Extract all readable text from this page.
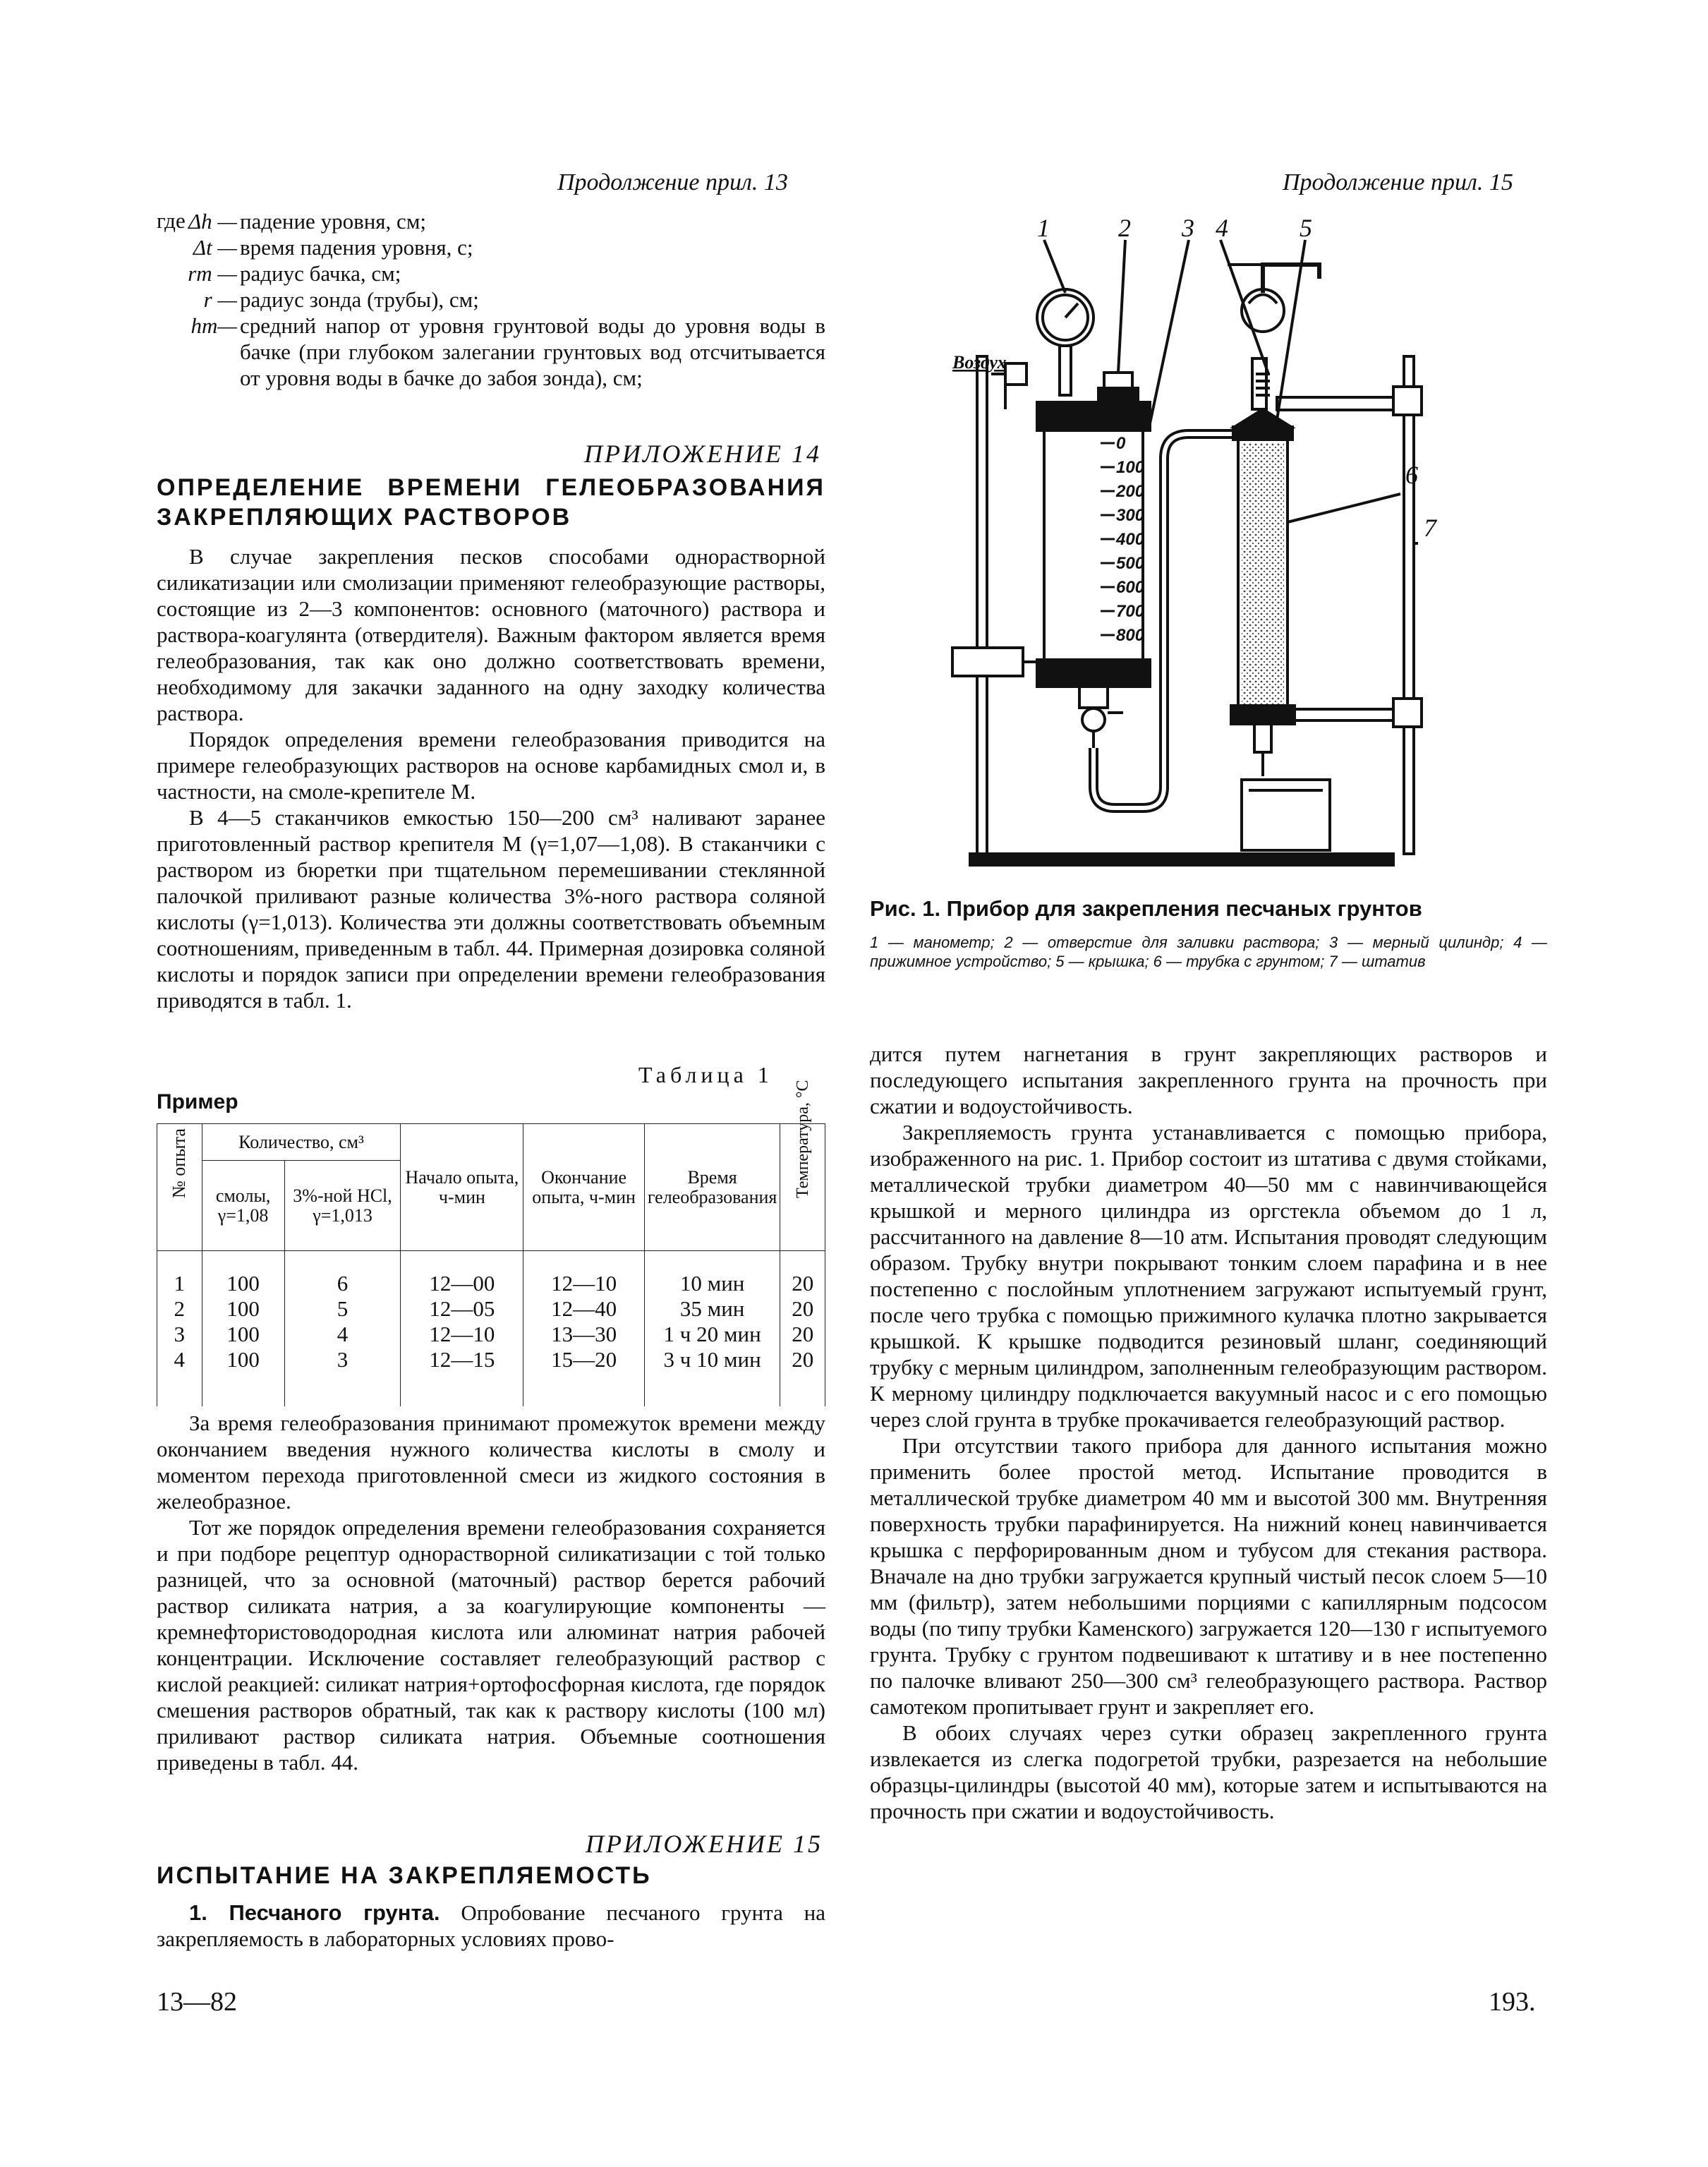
Продолжение прил. 13
где Δh — падение уровня, см;
Δt — время падения уровня, с;
rm — радиус бачка, см;
r — радиус зонда (трубы), см;
hm— средний напор от уровня грунтовой воды до уровня воды в бачке (при глубоком залегании грунтовых вод отсчитывается от уровня воды в бачке до забоя зонда), см;
ПРИЛОЖЕНИЕ 14
ОПРЕДЕЛЕНИЕ ВРЕМЕНИ ГЕЛЕОБРАЗОВАНИЯ ЗАКРЕПЛЯЮЩИХ РАСТВОРОВ

В случае закрепления песков способами однорастворной силикатизации или смолизации применяют гелеобразующие растворы, состоящие из 2—3 компонентов: основного (маточного) раствора и раствора-коагулянта (отвердителя). Важным фактором является время гелеобразования, так как оно должно соответствовать времени, необходимому для закачки заданного на одну заходку количества раствора.

Порядок определения времени гелеобразования приводится на примере гелеобразующих растворов на основе карбамидных смол и, в частности, на смоле-крепителе М.

В 4—5 стаканчиков емкостью 150—200 см³ наливают заранее приготовленный раствор крепителя М (γ=1,07—1,08). В стаканчики с раствором из бюретки при тщательном перемешивании стеклянной палочкой приливают разные количества 3%-ного раствора соляной кислоты (γ=1,013). Количества эти должны соответствовать объемным соотношениям, приведенным в табл. 44. Примерная дозировка соляной кислоты и порядок записи при определении времени гелеобразования приводятся в табл. 1.

Таблица 1
Пример
№ опыта	Количество, см³		Начало опыта, ч-мин	Окончание опыта, ч-мин	Время гелеобразования	Температура, °С

	смолы, γ=1,08	3%-ной HCl, γ=1,013				

1	100	6	12—00	12—10	10 мин	20
2	100	5	12—05	12—40	35 мин	20
3	100	4	12—10	13—30	1 ч 20 мин	20
4	100	3	12—15	15—20	3 ч 10 мин	20

За время гелеобразования принимают промежуток времени между окончанием введения нужного количества кислоты в смолу и моментом перехода приготовленной смеси из жидкого состояния в желеобразное.

Тот же порядок определения времени гелеобразования сохраняется и при подборе рецептур однорастворной силикатизации с той только разницей, что за основной (маточный) раствор берется рабочий раствор силиката натрия, а за коагулирующие компоненты — кремнефтористоводородная кислота или алюминат натрия рабочей концентрации. Исключение составляет гелеобразующий раствор с кислой реакцией: силикат натрия+ортофосфорная кислота, где порядок смешения растворов обратный, так как к раствору кислоты (100 мл) приливают раствор силиката натрия. Объемные соотношения приведены в табл. 44.

ПРИЛОЖЕНИЕ 15
ИСПЫТАНИЕ НА ЗАКРЕПЛЯЕМОСТЬ

1. Песчаного грунта. Опробование песчаного грунта на закрепляемость в лабораторных условиях прово-

13—82
Продолжение прил. 15
0
100
200
300
400
500
600
700
800
1	2 3 4	5
6
7
Воздух
Рис. 1. Прибор для закрепления песчаных грунтов
1 — манометр; 2 — отверстие для заливки раствора; 3 — мерный цилиндр; 4 — прижимное устройство; 5 — крышка; 6 — трубка с грунтом; 7 — штатив

дится путем нагнетания в грунт закрепляющих растворов и последующего испытания закрепленного грунта на прочность при сжатии и водоустойчивость.

Закрепляемость грунта устанавливается с помощью прибора, изображенного на рис. 1. Прибор состоит из штатива с двумя стойками, металлической трубки диаметром 40—50 мм с навинчивающейся крышкой и мерного цилиндра из оргстекла объемом до 1 л, рассчитанного на давление 8—10 атм. Испытания проводят следующим образом. Трубку внутри покрывают тонким слоем парафина и в нее постепенно с послойным уплотнением загружают испытуемый грунт, после чего трубка с помощью прижимного кулачка плотно закрывается крышкой. К крышке подводится резиновый шланг, соединяющий трубку с мерным цилиндром, заполненным гелеобразующим раствором. К мерному цилиндру подключается вакуумный насос и с его помощью через слой грунта в трубке прокачивается гелеобразующий раствор.

При отсутствии такого прибора для данного испытания можно применить более простой метод. Испытание проводится в металлической трубке диаметром 40 мм и высотой 300 мм. Внутренняя поверхность трубки парафинируется. На нижний конец навинчивается крышка с перфорированным дном и тубусом для стекания раствора. Вначале на дно трубки загружается крупный чистый песок слоем 5—10 мм (фильтр), затем небольшими порциями с капиллярным подсосом воды (по типу трубки Каменского) загружается 120—130 г испытуемого грунта. Трубку с грунтом подвешивают к штативу и в нее постепенно по палочке вливают 250—300 см³ гелеобразующего раствора. Раствор самотеком пропитывает грунт и закрепляет его.

В обоих случаях через сутки образец закрепленного грунта извлекается из слегка подогретой трубки, разрезается на небольшие образцы-цилиндры (высотой 40 мм), которые затем и испытываются на прочность при сжатии и водоустойчивость.

193.
